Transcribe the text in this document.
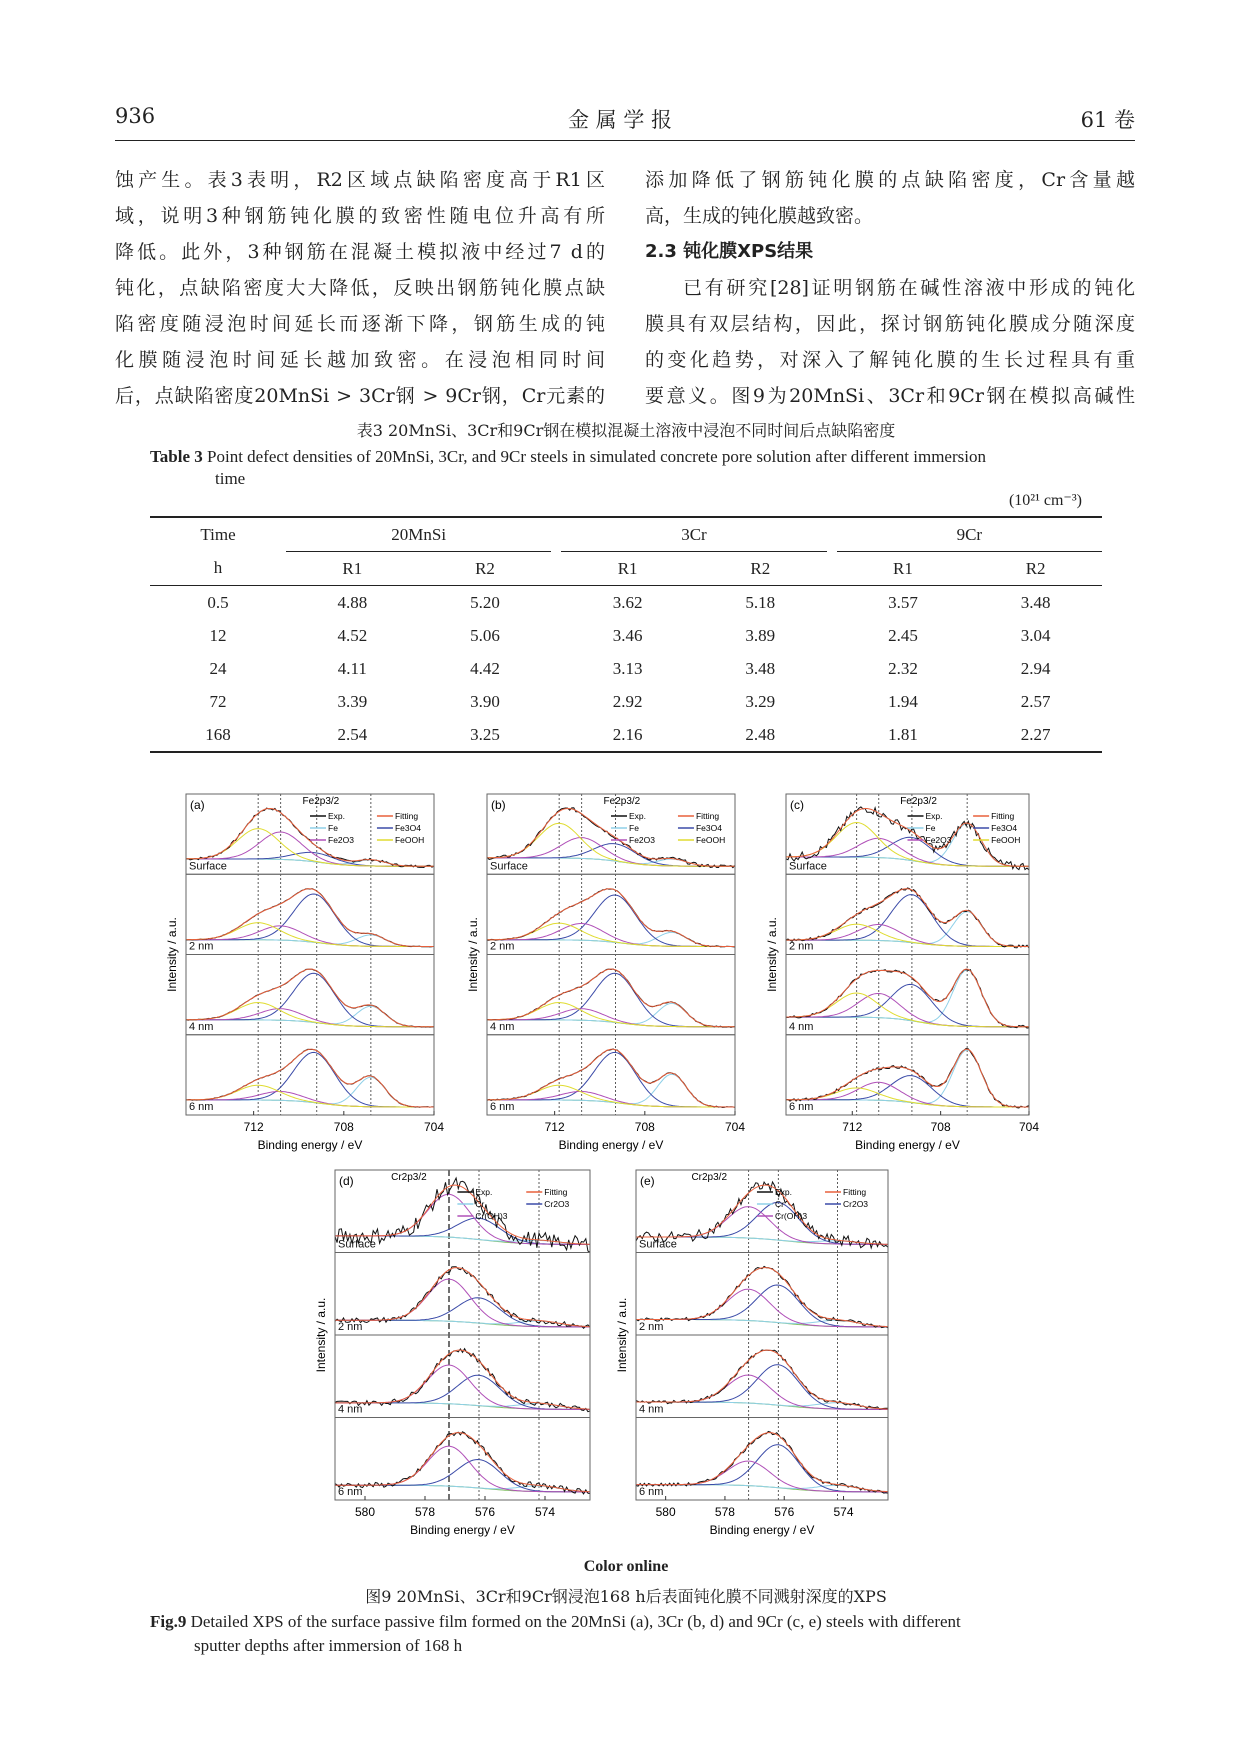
936	金 属 学 报	61 卷
蚀产生。表3表明，R2区域点缺陷密度高于R1区
域，说明3种钢筋钝化膜的致密性随电位升高有所
降低。此外，3种钢筋在混凝土模拟液中经过7 d的
钝化，点缺陷密度大大降低，反映出钢筋钝化膜点缺
陷密度随浸泡时间延长而逐渐下降，钢筋生成的钝
化膜随浸泡时间延长越加致密。在浸泡相同时间
后，点缺陷密度20MnSi > 3Cr钢 > 9Cr钢，Cr元素的
添加降低了钢筋钝化膜的点缺陷密度，Cr含量越
高，生成的钝化膜越致密。
2.3 钝化膜XPS结果
已有研究[28]证明钢筋在碱性溶液中形成的钝化
膜具有双层结构，因此，探讨钢筋钝化膜成分随深度
的变化趋势，对深入了解钝化膜的生长过程具有重
要意义。图9为20MnSi、3Cr和9Cr钢在模拟高碱性
表3 20MnSi、3Cr和9Cr钢在模拟混凝土溶液中浸泡不同时间后点缺陷密度
Table 3 Point defect densities of 20MnSi, 3Cr, and 9Cr steels in simulated concrete pore solution after different immersion
time
(10²¹ cm⁻³)
Time	20MnSi			3Cr			9Cr	
h	R1	R2		R1	R2		R1	R2
0.5	4.88	5.20		3.62	5.18		3.57	3.48
12	4.52	5.06		3.46	3.89		2.45	3.04
24	4.11	4.42		3.13	3.48		2.32	2.94
72	3.39	3.90		2.92	3.29		1.94	2.57
168	2.54	3.25		2.16	2.48		1.81	2.27
Surface
2 nm
4 nm
6 nm
(a)	Fe2p3/2
Exp.	Fitting
Fe	Fe3O4
Fe2O3	FeOOH
712	708	704
Binding energy / eV
Intensity / a.u.
Surface
2 nm
4 nm
6 nm
(b)	Fe2p3/2
Exp.	Fitting
Fe	Fe3O4
Fe2O3	FeOOH
712	708	704
Binding energy / eV
Intensity / a.u.
Surface
2 nm
4 nm
6 nm
(c)	Fe2p3/2
Exp.	Fitting
Fe	Fe3O4
Fe2O3	FeOOH
712	708	704
Binding energy / eV
Intensity / a.u.
Surface
2 nm
4 nm
6 nm
(d)	Cr2p3/2
Exp.	Fitting
Cr	Cr2O3
Cr(OH)3
580	578	576	574
Binding energy / eV
Intensity / a.u.
Surface
2 nm
4 nm
6 nm
(e)	Cr2p3/2
Exp.	Fitting
Cr	Cr2O3
Cr(OH)3
580	578	576	574
Binding energy / eV
Intensity / a.u.
Color online
图9 20MnSi、3Cr和9Cr钢浸泡168 h后表面钝化膜不同溅射深度的XPS
Fig.9 Detailed XPS of the surface passive film formed on the 20MnSi (a), 3Cr (b, d) and 9Cr (c, e) steels with different
sputter depths after immersion of 168 h
